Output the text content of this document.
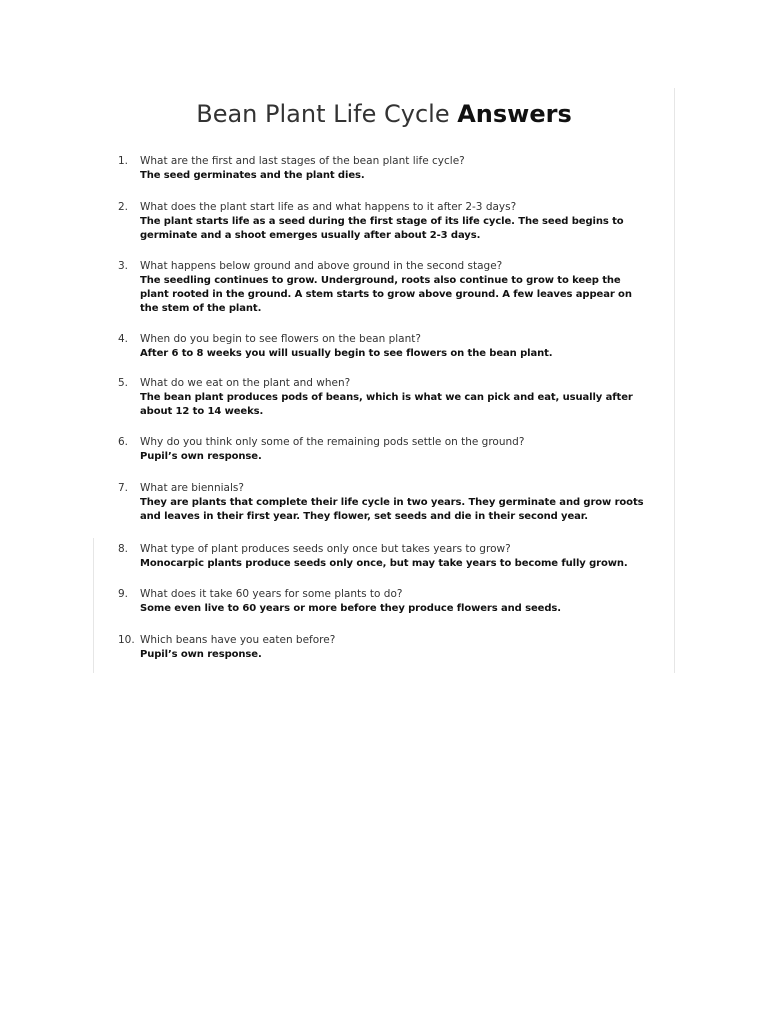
Bean Plant Life Cycle Answers
1. What are the first and last stages of the bean plant life cycle?
The seed germinates and the plant dies.
2. What does the plant start life as and what happens to it after 2-3 days?
The plant starts life as a seed during the first stage of its life cycle. The seed begins to germinate and a shoot emerges usually after about 2-3 days.
3. What happens below ground and above ground in the second stage?
The seedling continues to grow. Underground, roots also continue to grow to keep the plant rooted in the ground. A stem starts to grow above ground. A few leaves appear on the stem of the plant.
4. When do you begin to see flowers on the bean plant?
After 6 to 8 weeks you will usually begin to see flowers on the bean plant.
5. What do we eat on the plant and when?
The bean plant produces pods of beans, which is what we can pick and eat, usually after about 12 to 14 weeks.
6. Why do you think only some of the remaining pods settle on the ground?
Pupil’s own response.
7. What are biennials?
They are plants that complete their life cycle in two years. They germinate and grow roots and leaves in their first year. They flower, set seeds and die in their second year.
8. What type of plant produces seeds only once but takes years to grow?
Monocarpic plants produce seeds only once, but may take years to become fully grown.
9. What does it take 60 years for some plants to do?
Some even live to 60 years or more before they produce flowers and seeds.
10. Which beans have you eaten before?
Pupil’s own response.
